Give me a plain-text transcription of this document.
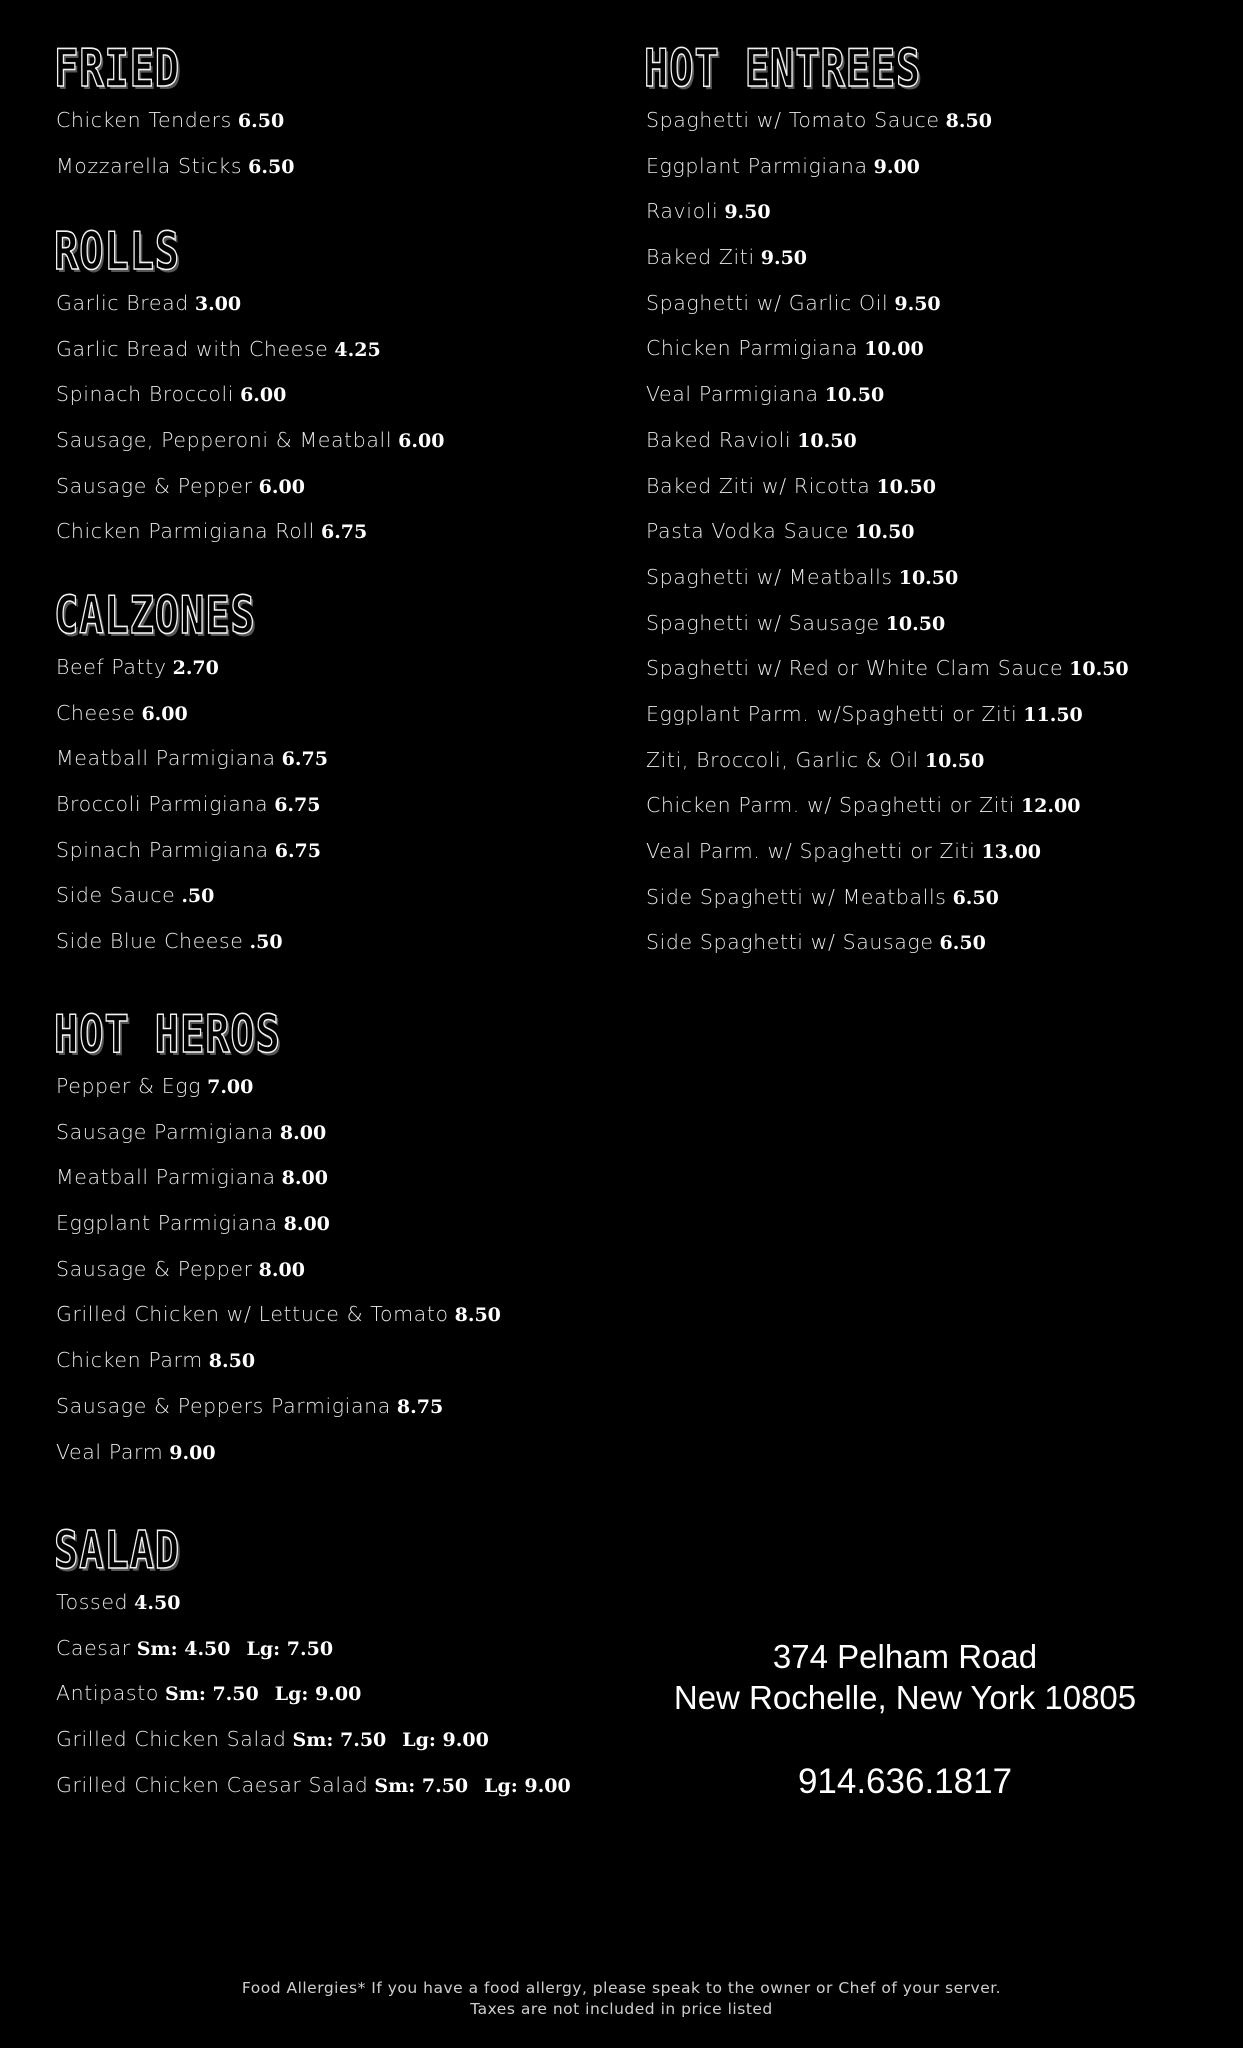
FRIED
Chicken Tenders 6.50
Mozzarella Sticks 6.50
ROLLS
Garlic Bread 3.00
Garlic Bread with Cheese 4.25
Spinach Broccoli 6.00
Sausage, Pepperoni & Meatball 6.00
Sausage & Pepper 6.00
Chicken Parmigiana Roll 6.75
CALZONES
Beef Patty 2.70
Cheese 6.00
Meatball Parmigiana 6.75
Broccoli Parmigiana 6.75
Spinach Parmigiana 6.75
Side Sauce .50
Side Blue Cheese .50
HOT HEROS
Pepper & Egg 7.00
Sausage Parmigiana 8.00
Meatball Parmigiana 8.00
Eggplant Parmigiana 8.00
Sausage & Pepper 8.00
Grilled Chicken w/ Lettuce & Tomato 8.50
Chicken Parm 8.50
Sausage & Peppers Parmigiana 8.75
Veal Parm 9.00
SALAD
Tossed 4.50
Caesar Sm: 4.50 Lg: 7.50
Antipasto Sm: 7.50 Lg: 9.00
Grilled Chicken Salad Sm: 7.50 Lg: 9.00
Grilled Chicken Caesar Salad Sm: 7.50 Lg: 9.00
HOT ENTREES
Spaghetti w/ Tomato Sauce 8.50
Eggplant Parmigiana 9.00
Ravioli 9.50
Baked Ziti 9.50
Spaghetti w/ Garlic Oil 9.50
Chicken Parmigiana 10.00
Veal Parmigiana 10.50
Baked Ravioli 10.50
Baked Ziti w/ Ricotta 10.50
Pasta Vodka Sauce 10.50
Spaghetti w/ Meatballs 10.50
Spaghetti w/ Sausage 10.50
Spaghetti w/ Red or White Clam Sauce 10.50
Eggplant Parm. w/Spaghetti or Ziti 11.50
Ziti, Broccoli, Garlic & Oil 10.50
Chicken Parm. w/ Spaghetti or Ziti 12.00
Veal Parm. w/ Spaghetti or Ziti 13.00
Side Spaghetti w/ Meatballs 6.50
Side Spaghetti w/ Sausage 6.50
374 Pelham Road
New Rochelle, New York 10805
914.636.1817
Food Allergies* If you have a food allergy, please speak to the owner or Chef of your server.
Taxes are not included in price listed
